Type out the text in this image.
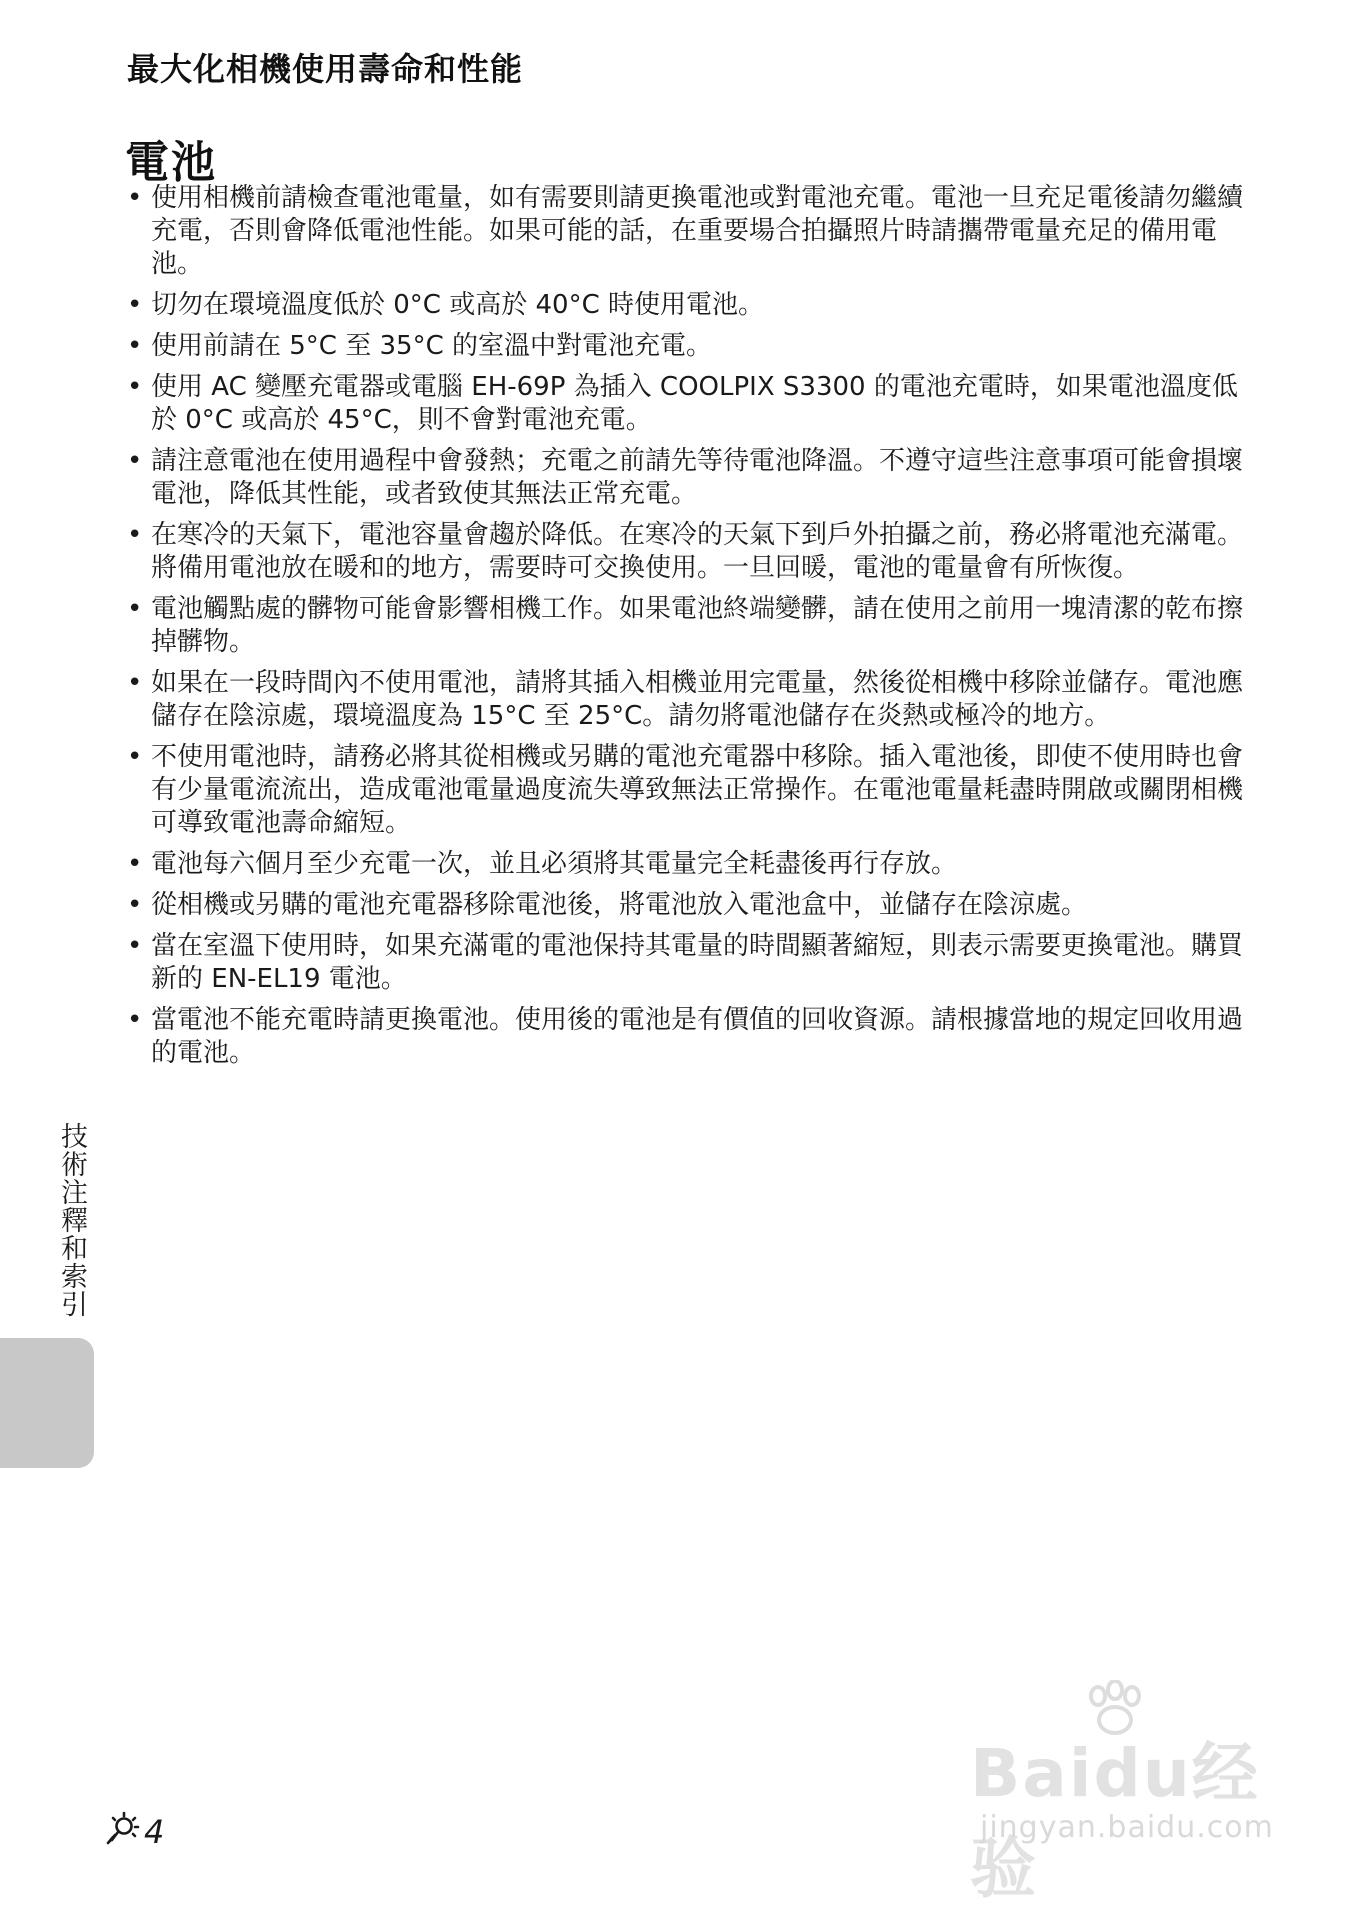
最大化相機使用壽命和性能
電池
• 使用相機前請檢查電池電量，如有需要則請更換電池或對電池充電。電池一旦充足電後請勿繼續充電，否則會降低電池性能。如果可能的話，在重要場合拍攝照片時請攜帶電量充足的備用電池。
• 切勿在環境溫度低於 0°C 或高於 40°C 時使用電池。
• 使用前請在 5°C 至 35°C 的室溫中對電池充電。
• 使用 AC 變壓充電器或電腦 EH-69P 為插入 COOLPIX S3300 的電池充電時，如果電池溫度低於 0°C 或高於 45°C，則不會對電池充電。
• 請注意電池在使用過程中會發熱；充電之前請先等待電池降溫。不遵守這些注意事項可能會損壞電池，降低其性能，或者致使其無法正常充電。
• 在寒冷的天氣下，電池容量會趨於降低。在寒冷的天氣下到戶外拍攝之前，務必將電池充滿電。將備用電池放在暖和的地方，需要時可交換使用。一旦回暖，電池的電量會有所恢復。
• 電池觸點處的髒物可能會影響相機工作。如果電池終端變髒，請在使用之前用一塊清潔的乾布擦掉髒物。
• 如果在一段時間內不使用電池，請將其插入相機並用完電量，然後從相機中移除並儲存。電池應儲存在陰涼處，環境溫度為 15°C 至 25°C。請勿將電池儲存在炎熱或極冷的地方。
• 不使用電池時，請務必將其從相機或另購的電池充電器中移除。插入電池後，即使不使用時也會有少量電流流出，造成電池電量過度流失導致無法正常操作。在電池電量耗盡時開啟或關閉相機可導致電池壽命縮短。
• 電池每六個月至少充電一次，並且必須將其電量完全耗盡後再行存放。
• 從相機或另購的電池充電器移除電池後，將電池放入電池盒中，並儲存在陰涼處。
• 當在室溫下使用時，如果充滿電的電池保持其電量的時間顯著縮短，則表示需要更換電池。購買新的 EN-EL19 電池。
• 當電池不能充電時請更換電池。使用後的電池是有價值的回收資源。請根據當地的規定回收用過的電池。
技術注釋和索引
4
Baidu经验
jingyan.baidu.com
